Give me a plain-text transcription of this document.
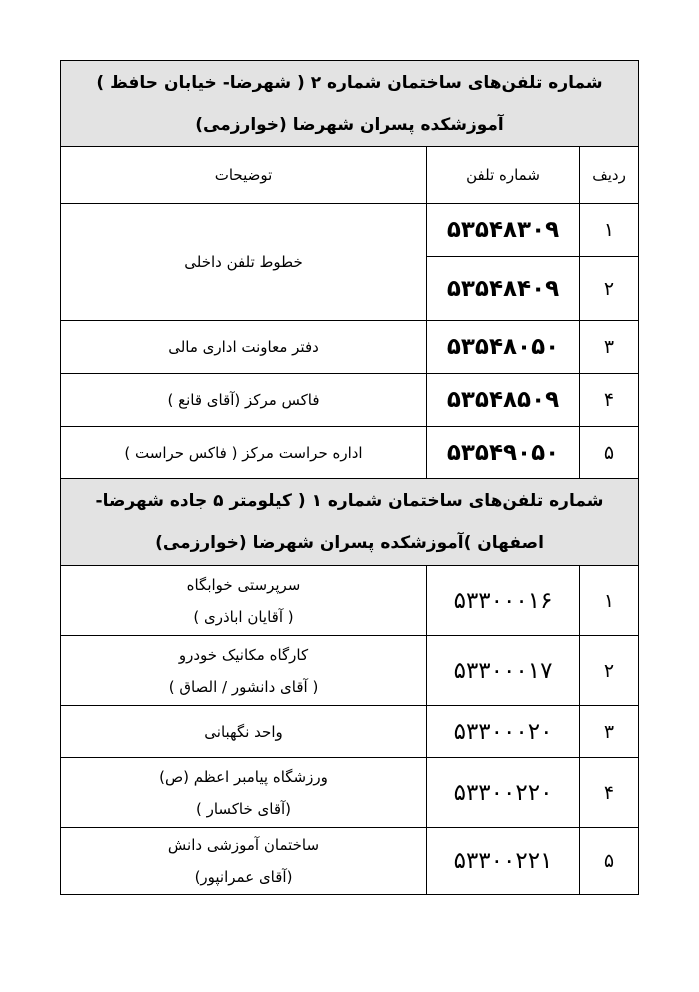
شماره تلفن‌های ساختمان شماره ۲ ( شهرضا- خیابان حافظ )
آموزشکده پسران شهرضا (خوارزمی)		

ردیف	شماره تلفن	توضیحات
۱	۵۳۵۴۸۳۰۹	خطوط تلفن داخلی
۲	۵۳۵۴۸۴۰۹	
۳	۵۳۵۴۸۰۵۰	دفتر معاونت اداری مالی
۴	۵۳۵۴۸۵۰۹	فاکس مرکز (آقای قانع )
۵	۵۳۵۴۹۰۵۰	اداره حراست مرکز ( فاکس حراست )

شماره تلفن‌های ساختمان شماره ۱ ( کیلومتر ۵ جاده شهرضا-
اصفهان )آموزشکده پسران شهرضا (خوارزمی)		

۱	۵۳۳۰۰۰۱۶	سرپرستی خوابگاه
( آقایان اباذری )

۲	۵۳۳۰۰۰۱۷	کارگاه مکانیک خودرو
( آقای دانشور / الصاق )

۳	۵۳۳۰۰۰۲۰	واحد نگهبانی
۴	۵۳۳۰۰۲۲۰	ورزشگاه پیامبر اعظم (ص)
(آقای خاکسار )

۵	۵۳۳۰۰۲۲۱	ساختمان آموزشی دانش
(آقای عمرانپور)
